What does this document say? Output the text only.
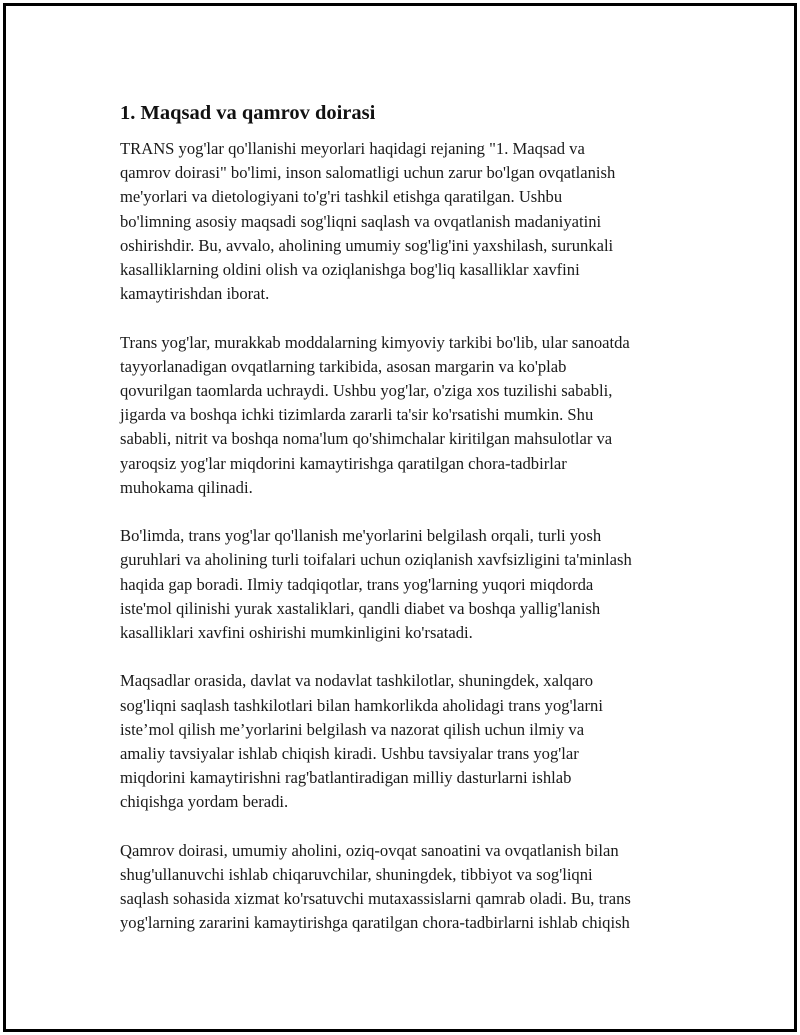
1. Maqsad va qamrov doirasi

TRANS yog'lar qo'llanishi meyorlari haqidagi rejaning "1. Maqsad va
qamrov doirasi" bo'limi, inson salomatligi uchun zarur bo'lgan ovqatlanish
me'yorlari va dietologiyani to'g'ri tashkil etishga qaratilgan. Ushbu
bo'limning asosiy maqsadi sog'liqni saqlash va ovqatlanish madaniyatini
oshirishdir. Bu, avvalo, aholining umumiy sog'lig'ini yaxshilash, surunkali
kasalliklarning oldini olish va oziqlanishga bog'liq kasalliklar xavfini
kamaytirishdan iborat.

Trans yog'lar, murakkab moddalarning kimyoviy tarkibi bo'lib, ular sanoatda
tayyorlanadigan ovqatlarning tarkibida, asosan margarin va ko'plab
qovurilgan taomlarda uchraydi. Ushbu yog'lar, o'ziga xos tuzilishi sababli,
jigarda va boshqa ichki tizimlarda zararli ta'sir ko'rsatishi mumkin. Shu
sababli, nitrit va boshqa noma'lum qo'shimchalar kiritilgan mahsulotlar va
yaroqsiz yog'lar miqdorini kamaytirishga qaratilgan chora-tadbirlar
muhokama qilinadi.

Bo'limda, trans yog'lar qo'llanish me'yorlarini belgilash orqali, turli yosh
guruhlari va aholining turli toifalari uchun oziqlanish xavfsizligini ta'minlash
haqida gap boradi. Ilmiy tadqiqotlar, trans yog'larning yuqori miqdorda
iste'mol qilinishi yurak xastaliklari, qandli diabet va boshqa yallig'lanish
kasalliklari xavfini oshirishi mumkinligini ko'rsatadi.

Maqsadlar orasida, davlat va nodavlat tashkilotlar, shuningdek, xalqaro
sog'liqni saqlash tashkilotlari bilan hamkorlikda aholidagi trans yog'larni
iste’mol qilish me’yorlarini belgilash va nazorat qilish uchun ilmiy va
amaliy tavsiyalar ishlab chiqish kiradi. Ushbu tavsiyalar trans yog'lar
miqdorini kamaytirishni rag'batlantiradigan milliy dasturlarni ishlab
chiqishga yordam beradi.

Qamrov doirasi, umumiy aholini, oziq-ovqat sanoatini va ovqatlanish bilan
shug'ullanuvchi ishlab chiqaruvchilar, shuningdek, tibbiyot va sog'liqni
saqlash sohasida xizmat ko'rsatuvchi mutaxassislarni qamrab oladi. Bu, trans
yog'larning zararini kamaytirishga qaratilgan chora-tadbirlarni ishlab chiqish
